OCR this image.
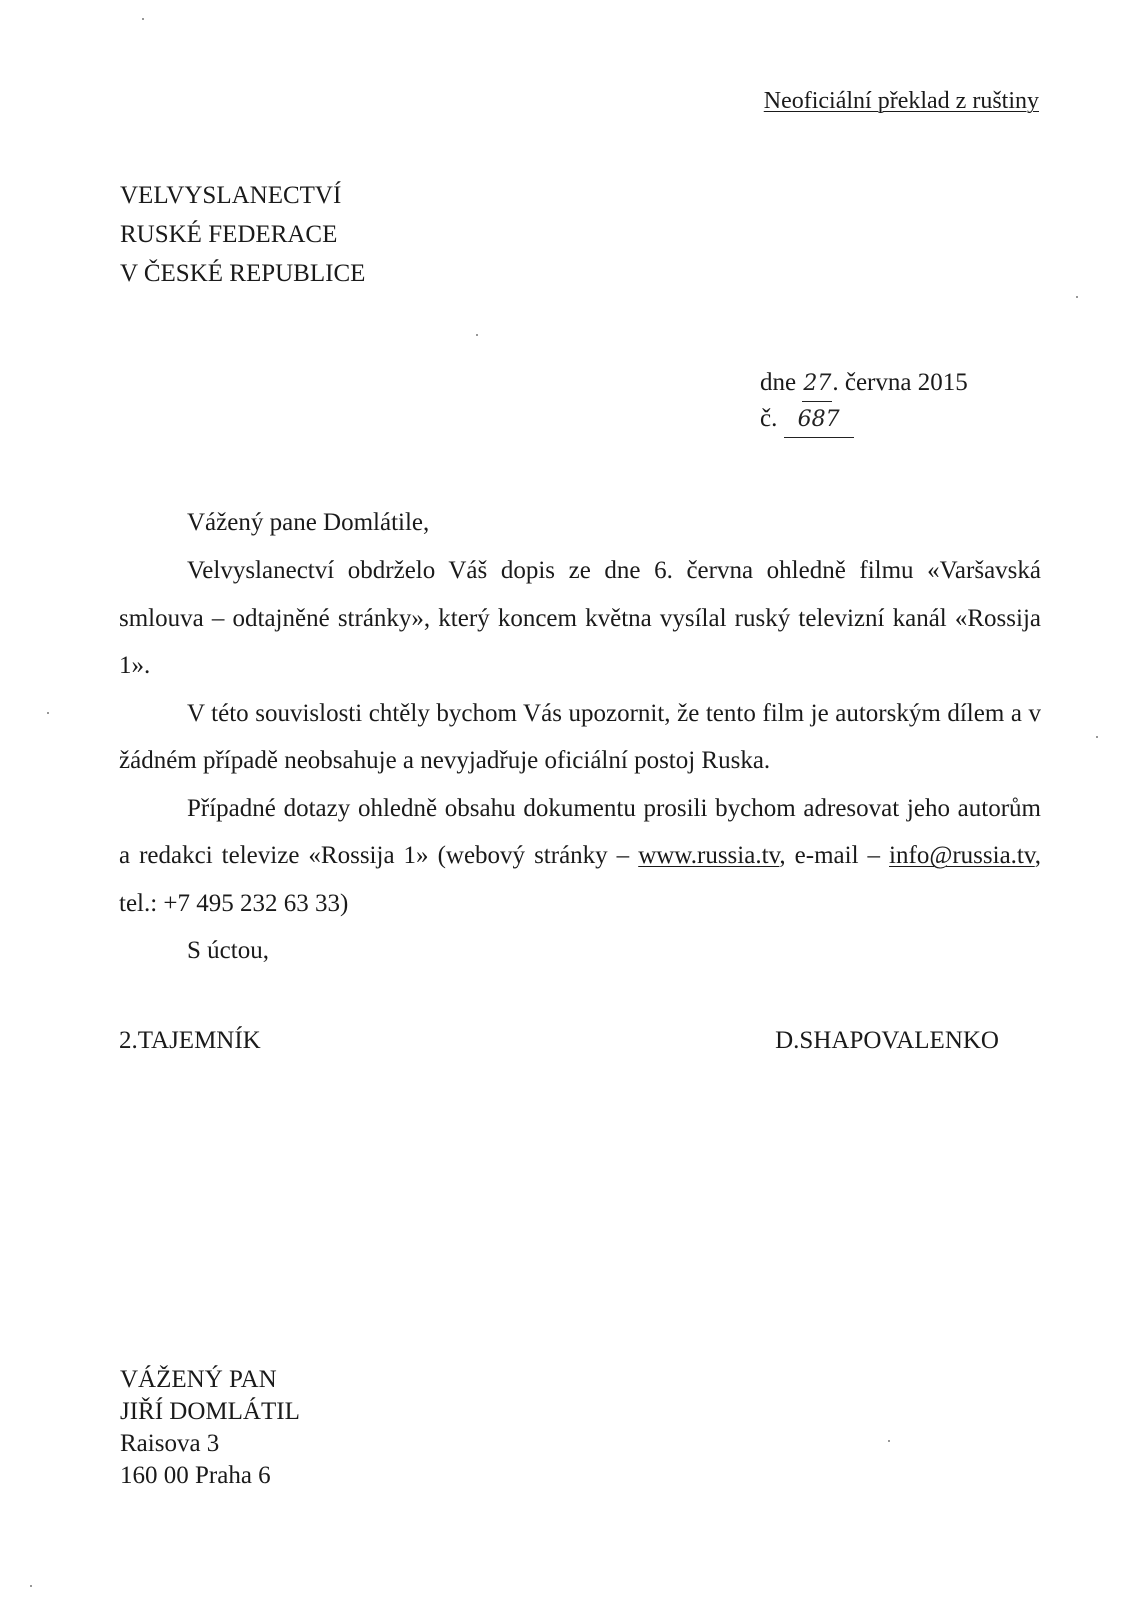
Neoficiální překlad z ruštiny
VELVYSLANECTVÍ
RUSKÉ FEDERACE
V ČESKÉ REPUBLICE
dne 27. června 2015
č. 687
Vážený pane Domlátile,

Velvyslanectví obdrželo Váš dopis ze dne 6. června ohledně filmu «Varšavská smlouva – odtajněné stránky», který koncem května vysílal ruský televizní kanál «Rossija 1».

V této souvislosti chtěly bychom Vás upozornit, že tento film je autorským dílem a v žádném případě neobsahuje a nevyjadřuje oficiální postoj Ruska.

Případné dotazy ohledně obsahu dokumentu prosili bychom adresovat jeho autorům a redakci televize «Rossija 1» (webový stránky – www.russia.tv, e-mail – info@russia.tv, tel.: +7 495 232 63 33)

S úctou,

2.TAJEMNÍK	D.SHAPOVALENKO
VÁŽENÝ PAN
JIŘÍ DOMLÁTIL
Raisova 3
160 00 Praha 6
